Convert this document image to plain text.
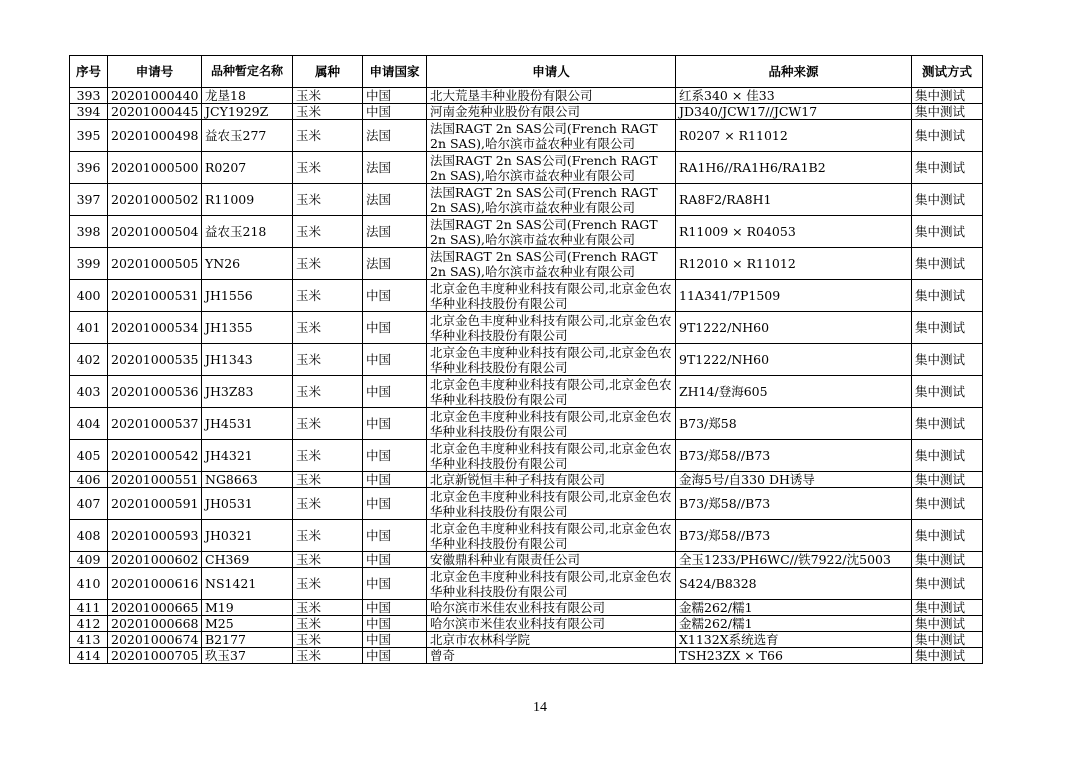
序号	申请号	品种暂定名称	属种	申请国家	申请人	品种来源	测试方式
393	20201000440	龙垦18	玉米	中国	北大荒垦丰种业股份有限公司	红系340 × 佳33	集中测试
394	20201000445	JCY1929Z	玉米	中国	河南金苑种业股份有限公司	JD340/JCW17//JCW17	集中测试
395	20201000498	益农玉277	玉米	法国	法国RAGT 2n SAS公司(French RAGT 2n SAS),哈尔滨市益农种业有限公司	R0207 × R11012	集中测试
396	20201000500	R0207	玉米	法国	法国RAGT 2n SAS公司(French RAGT 2n SAS),哈尔滨市益农种业有限公司	RA1H6//RA1H6/RA1B2	集中测试
397	20201000502	R11009	玉米	法国	法国RAGT 2n SAS公司(French RAGT 2n SAS),哈尔滨市益农种业有限公司	RA8F2/RA8H1	集中测试
398	20201000504	益农玉218	玉米	法国	法国RAGT 2n SAS公司(French RAGT 2n SAS),哈尔滨市益农种业有限公司	R11009 × R04053	集中测试
399	20201000505	YN26	玉米	法国	法国RAGT 2n SAS公司(French RAGT 2n SAS),哈尔滨市益农种业有限公司	R12010 × R11012	集中测试
400	20201000531	JH1556	玉米	中国	北京金色丰度种业科技有限公司,北京金色农华种业科技股份有限公司	11A341/7P1509	集中测试
401	20201000534	JH1355	玉米	中国	北京金色丰度种业科技有限公司,北京金色农华种业科技股份有限公司	9T1222/NH60	集中测试
402	20201000535	JH1343	玉米	中国	北京金色丰度种业科技有限公司,北京金色农华种业科技股份有限公司	9T1222/NH60	集中测试
403	20201000536	JH3Z83	玉米	中国	北京金色丰度种业科技有限公司,北京金色农华种业科技股份有限公司	ZH14/登海605	集中测试
404	20201000537	JH4531	玉米	中国	北京金色丰度种业科技有限公司,北京金色农华种业科技股份有限公司	B73/郑58	集中测试
405	20201000542	JH4321	玉米	中国	北京金色丰度种业科技有限公司,北京金色农华种业科技股份有限公司	B73/郑58//B73	集中测试
406	20201000551	NG8663	玉米	中国	北京新锐恒丰种子科技有限公司	金海5号/自330 DH诱导	集中测试
407	20201000591	JH0531	玉米	中国	北京金色丰度种业科技有限公司,北京金色农华种业科技股份有限公司	B73/郑58//B73	集中测试
408	20201000593	JH0321	玉米	中国	北京金色丰度种业科技有限公司,北京金色农华种业科技股份有限公司	B73/郑58//B73	集中测试
409	20201000602	CH369	玉米	中国	安徽鼎科种业有限责任公司	全玉1233/PH6WC//铁7922/沈5003	集中测试
410	20201000616	NS1421	玉米	中国	北京金色丰度种业科技有限公司,北京金色农华种业科技股份有限公司	S424/B8328	集中测试
411	20201000665	M19	玉米	中国	哈尔滨市米佳农业科技有限公司	金糯262/糯1	集中测试
412	20201000668	M25	玉米	中国	哈尔滨市米佳农业科技有限公司	金糯262/糯1	集中测试
413	20201000674	B2177	玉米	中国	北京市农林科学院	X1132X系统选育	集中测试
414	20201000705	玖玉37	玉米	中国	曾奇	TSH23ZX × T66	集中测试
14
